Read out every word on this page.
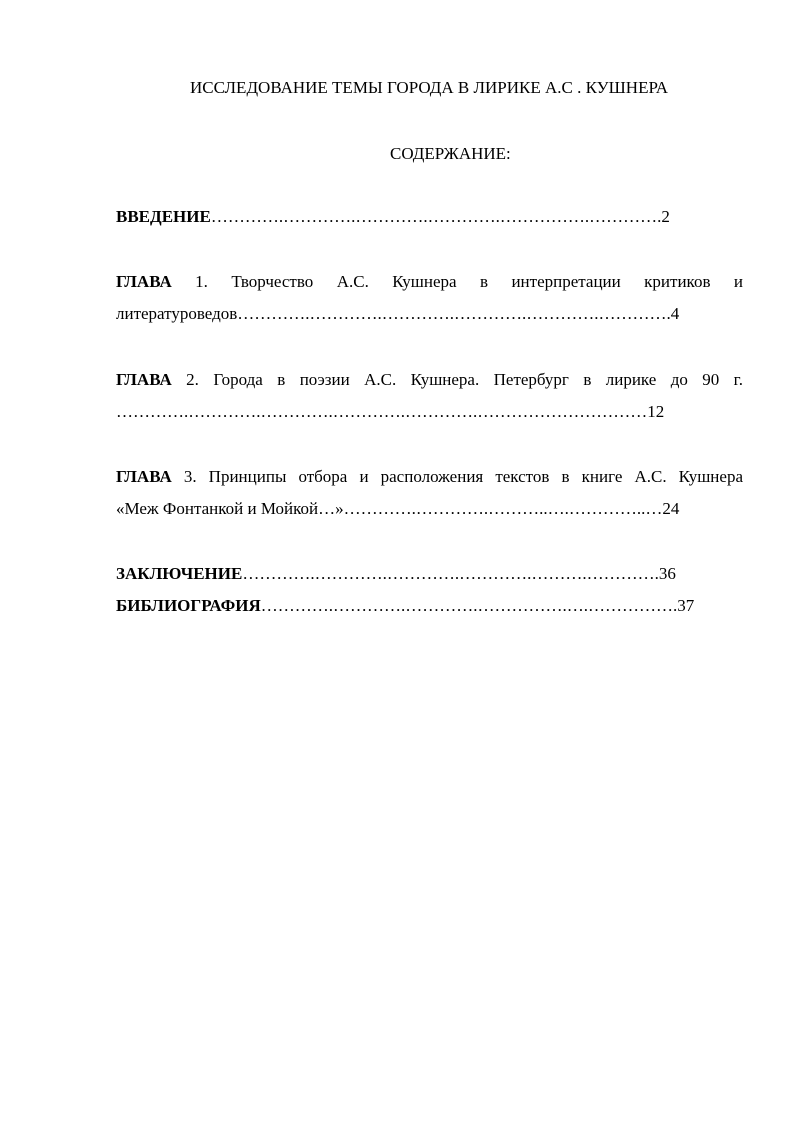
ИССЛЕДОВАНИЕ ТЕМЫ ГОРОДА В ЛИРИКЕ А.С . КУШНЕРА
СОДЕРЖАНИЕ:
ВВЕДЕНИЕ………….………….………….………….…………….………….2
ГЛАВА 1. Творчество А.С. Кушнера в интерпретации критиков и
литературоведов………….………….………….………….………….………….4
ГЛАВА 2. Города в поэзии А.С. Кушнера. Петербург в лирике до 90 г.
………….………….………….………….………….…………………………12
ГЛАВА 3. Принципы отбора и расположения текстов в книге А.С. Кушнера
«Меж Фонтанкой и Мойкой…»………….………….………..….…………..…24
ЗАКЛЮЧЕНИЕ………….………….………….………….……….………….36
БИБЛИОГРАФИЯ………….………….………….…………….….…………….37
